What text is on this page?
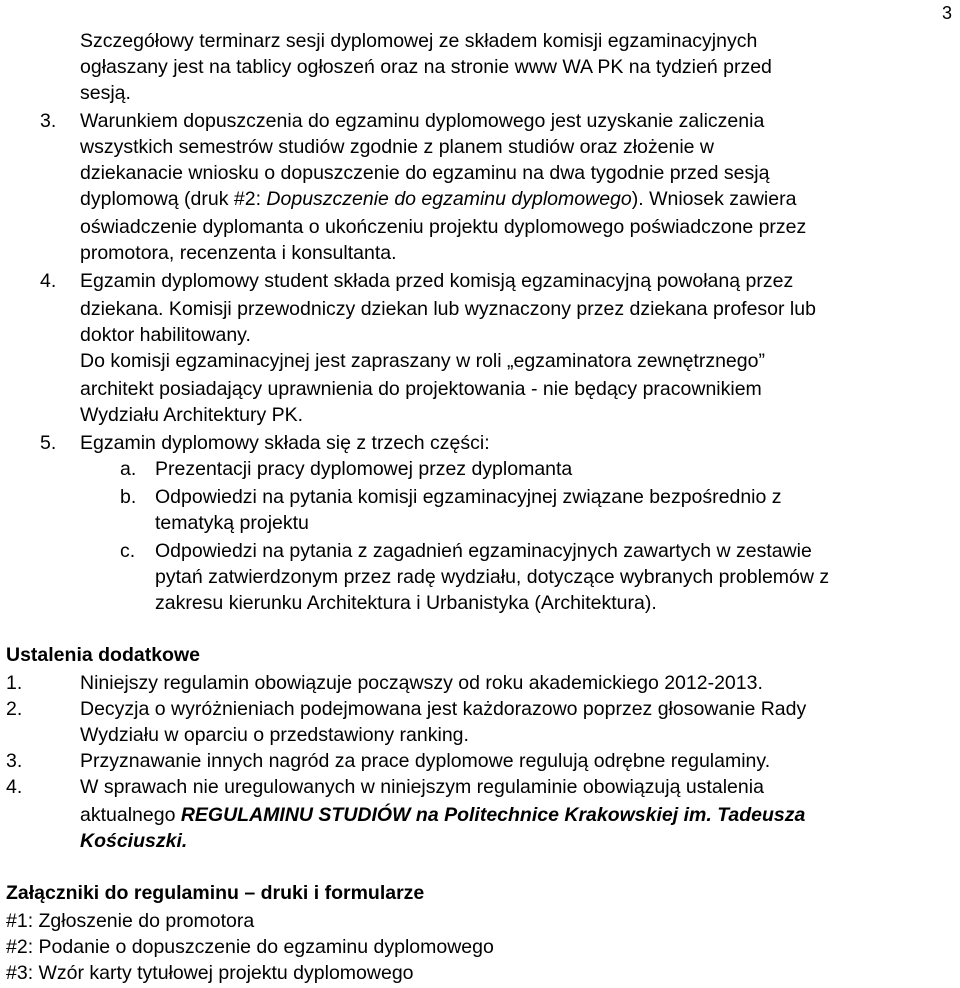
3
Szczegółowy terminarz sesji dyplomowej ze składem komisji egzaminacyjnych
ogłaszany jest na tablicy ogłoszeń oraz na stronie www WA PK na tydzień przed
sesją.
3. Warunkiem dopuszczenia do egzaminu dyplomowego jest uzyskanie zaliczenia
wszystkich semestrów studiów zgodnie z planem studiów oraz złożenie w
dziekanacie wniosku o dopuszczenie do egzaminu na dwa tygodnie przed sesją
dyplomową (druk #2: Dopuszczenie do egzaminu dyplomowego). Wniosek zawiera
oświadczenie dyplomanta o ukończeniu projektu dyplomowego poświadczone przez
promotora, recenzenta i konsultanta.
4. Egzamin dyplomowy student składa przed komisją egzaminacyjną powołaną przez
dziekana. Komisji przewodniczy dziekan lub wyznaczony przez dziekana profesor lub
doktor habilitowany.
Do komisji egzaminacyjnej jest zapraszany w roli „egzaminatora zewnętrznego”
architekt posiadający uprawnienia do projektowania - nie będący pracownikiem
Wydziału Architektury PK.
5. Egzamin dyplomowy składa się z trzech części:
a. Prezentacji pracy dyplomowej przez dyplomanta
b. Odpowiedzi na pytania komisji egzaminacyjnej związane bezpośrednio z
tematyką projektu
c. Odpowiedzi na pytania z zagadnień egzaminacyjnych zawartych w zestawie
pytań zatwierdzonym przez radę wydziału, dotyczące wybranych problemów z
zakresu kierunku Architektura i Urbanistyka (Architektura).
Ustalenia dodatkowe
1.	Niniejszy regulamin obowiązuje począwszy od roku akademickiego 2012-2013.
2.	Decyzja o wyróżnieniach podejmowana jest każdorazowo poprzez głosowanie Rady
Wydziału w oparciu o przedstawiony ranking.
3.	Przyznawanie innych nagród za prace dyplomowe regulują odrębne regulaminy.
4.	W sprawach nie uregulowanych w niniejszym regulaminie obowiązują ustalenia
aktualnego REGULAMINU STUDIÓW na Politechnice Krakowskiej im. Tadeusza
Kościuszki.
Załączniki do regulaminu – druki i formularze
#1: Zgłoszenie do promotora
#2: Podanie o dopuszczenie do egzaminu dyplomowego
#3: Wzór karty tytułowej projektu dyplomowego
